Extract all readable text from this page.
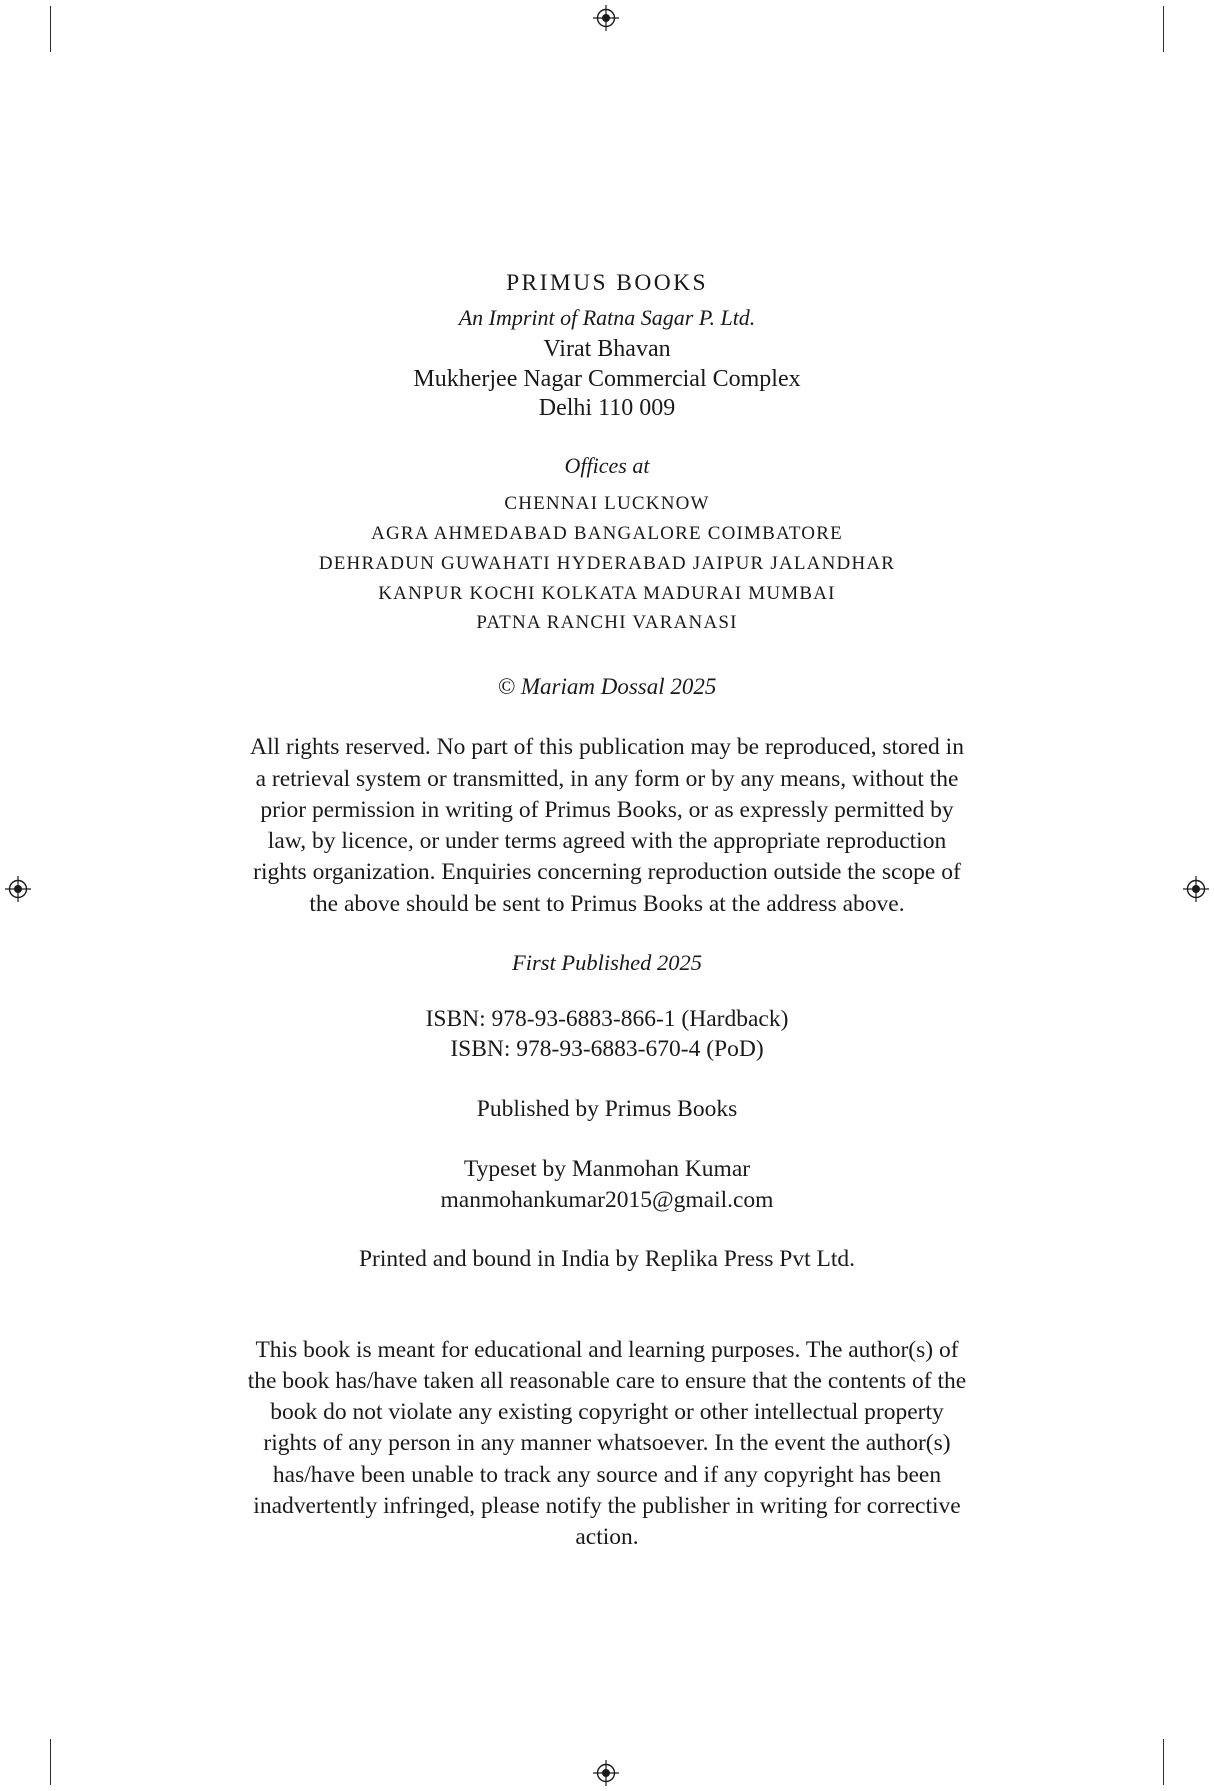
PRIMUS BOOKS

An Imprint of Ratna Sagar P. Ltd.

Virat Bhavan

Mukherjee Nagar Commercial Complex

Delhi 110 009

Offices at

CHENNAI LUCKNOW

AGRA AHMEDABAD BANGALORE COIMBATORE

DEHRADUN GUWAHATI HYDERABAD JAIPUR JALANDHAR

KANPUR KOCHI KOLKATA MADURAI MUMBAI

PATNA RANCHI VARANASI

© Mariam Dossal 2025

All rights reserved. No part of this publication may be reproduced, stored in a retrieval system or transmitted, in any form or by any means, without the prior permission in writing of Primus Books, or as expressly permitted by law, by licence, or under terms agreed with the appropriate reproduction rights organization. Enquiries concerning reproduction outside the scope of the above should be sent to Primus Books at the address above.

First Published 2025

ISBN: 978-93-6883-866-1 (Hardback)

ISBN: 978-93-6883-670-4 (PoD)

Published by Primus Books

Typeset by Manmohan Kumar

manmohankumar2015@gmail.com

Printed and bound in India by Replika Press Pvt Ltd.

This book is meant for educational and learning purposes. The author(s) of the book has/have taken all reasonable care to ensure that the contents of the book do not violate any existing copyright or other intellectual property rights of any person in any manner whatsoever. In the event the author(s) has/have been unable to track any source and if any copyright has been inadvertently infringed, please notify the publisher in writing for corrective action.
